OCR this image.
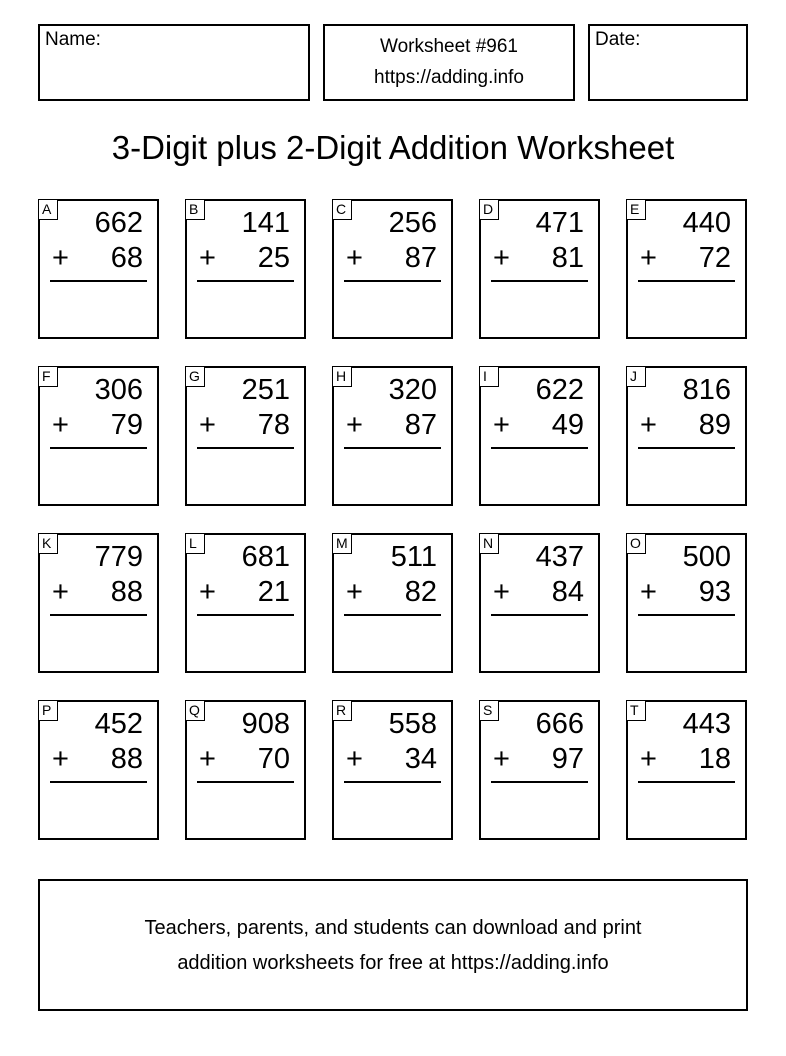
Name:	Worksheet #961
https://adding.info
Date:
3-Digit plus 2-Digit Addition Worksheet
A 662
+ 68
B 141
+ 25
C 256
+ 87
D 471
+ 81
E 440
+ 72
F 306
+ 79
G 251
+ 78
H 320
+ 87
I	622
+ 49
J	816
+ 89
K 779
+ 88
L 681
+ 21
M 511
+ 82
N 437
+ 84
O 500
+ 93
P 452
+ 88
Q 908
+ 70
R 558
+ 34
S 666
+ 97
T 443
+ 18
Teachers, parents, and students can download and print
addition worksheets for free at https://adding.info
